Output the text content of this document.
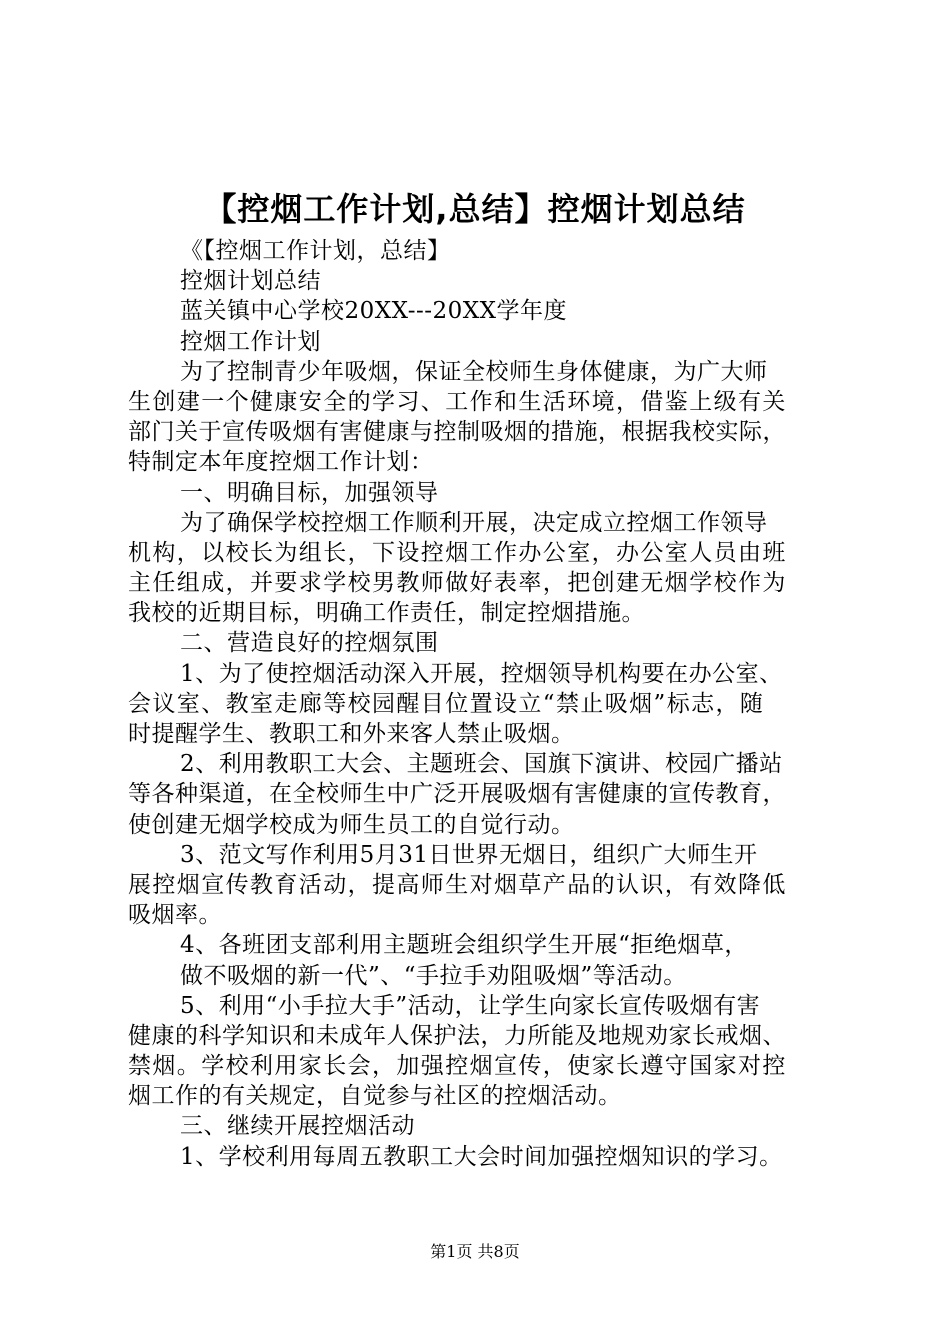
【控烟工作计划,总结】控烟计划总结
《【控烟工作计划，总结】
控烟计划总结
蓝关镇中心学校20XX---20XX学年度
控烟工作计划
为了控制青少年吸烟，保证全校师生身体健康，为广大师
生创建一个健康安全的学习、工作和生活环境，借鉴上级有关
部门关于宣传吸烟有害健康与控制吸烟的措施，根据我校实际，
特制定本年度控烟工作计划：
一、明确目标，加强领导
为了确保学校控烟工作顺利开展，决定成立控烟工作领导
机构，以校长为组长，下设控烟工作办公室，办公室人员由班
主任组成，并要求学校男教师做好表率，把创建无烟学校作为
我校的近期目标，明确工作责任，制定控烟措施。
二、营造良好的控烟氛围
1、为了使控烟活动深入开展，控烟领导机构要在办公室、
会议室、教室走廊等校园醒目位置设立“禁止吸烟”标志，随
时提醒学生、教职工和外来客人禁止吸烟。
2、利用教职工大会、主题班会、国旗下演讲、校园广播站
等各种渠道，在全校师生中广泛开展吸烟有害健康的宣传教育，
使创建无烟学校成为师生员工的自觉行动。
3、范文写作利用5月31日世界无烟日，组织广大师生开
展控烟宣传教育活动，提高师生对烟草产品的认识，有效降低
吸烟率。
4、各班团支部利用主题班会组织学生开展“拒绝烟草，
做不吸烟的新一代”、“手拉手劝阻吸烟”等活动。
5、利用“小手拉大手”活动，让学生向家长宣传吸烟有害
健康的科学知识和未成年人保护法，力所能及地规劝家长戒烟、
禁烟。学校利用家长会，加强控烟宣传，使家长遵守国家对控
烟工作的有关规定，自觉参与社区的控烟活动。
三、继续开展控烟活动
1、学校利用每周五教职工大会时间加强控烟知识的学习。
第1页 共8页
